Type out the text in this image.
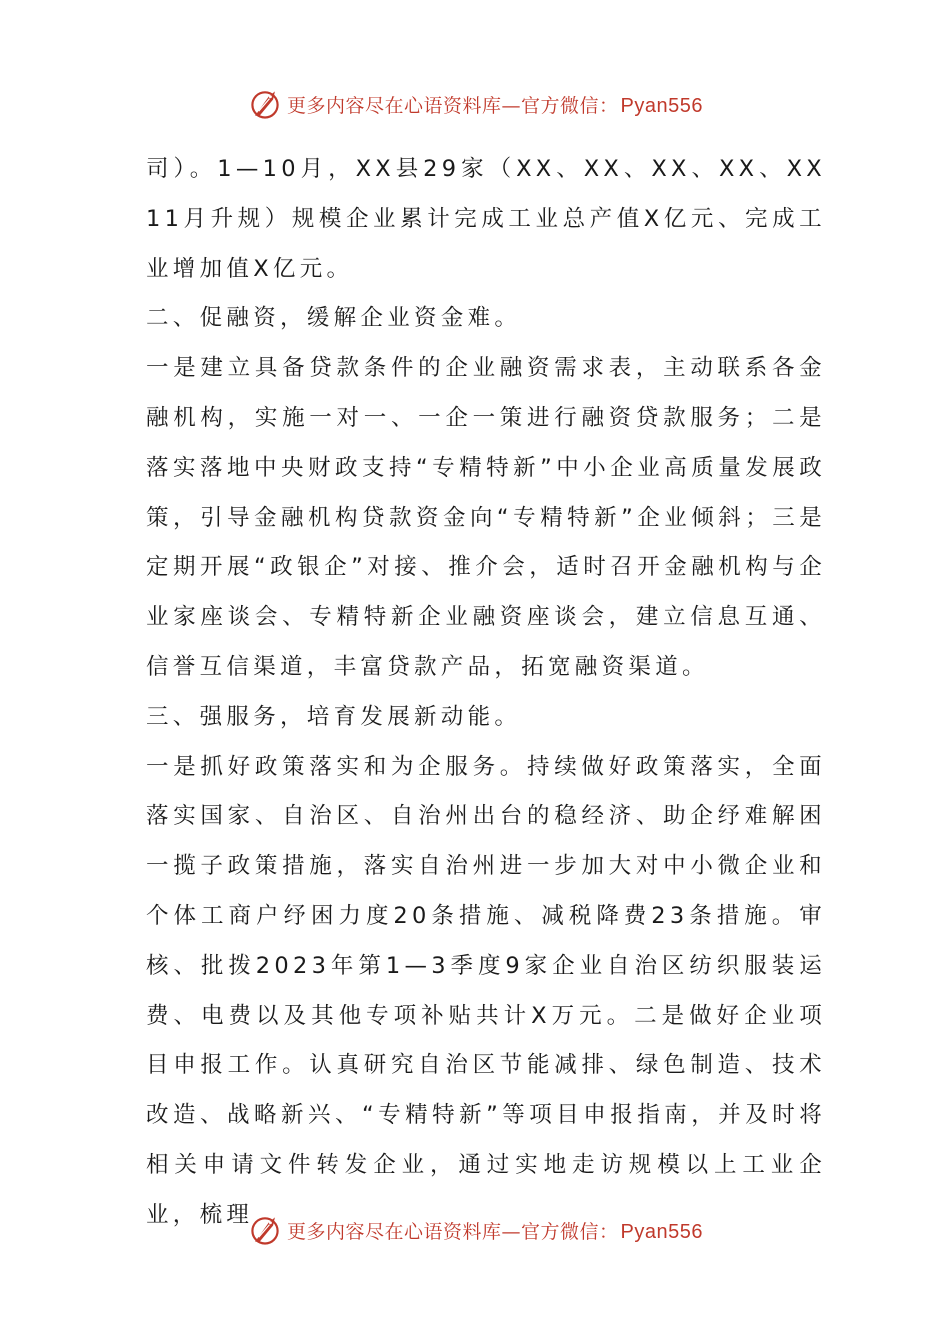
更多内容尽在心语资料库—官方微信： Pyan556

司）。1—10月，XX县29家（XX、XX、XX、XX、XX11月升规）规模企业累计完成工业总产值X亿元、完成工业增加值X亿元。

二、促融资，缓解企业资金难。

一是建立具备贷款条件的企业融资需求表，主动联系各金融机构，实施一对一、一企一策进行融资贷款服务；二是落实落地中央财政支持“专精特新”中小企业高质量发展政策，引导金融机构贷款资金向“专精特新”企业倾斜；三是定期开展“政银企”对接、推介会，适时召开金融机构与企业家座谈会、专精特新企业融资座谈会，建立信息互通、信誉互信渠道，丰富贷款产品，拓宽融资渠道。

三、强服务，培育发展新动能。

一是抓好政策落实和为企服务。持续做好政策落实，全面落实国家、自治区、自治州出台的稳经济、助企纾难解困一揽子政策措施，落实自治州进一步加大对中小微企业和个体工商户纾困力度20条措施、减税降费23条措施。审核、批拨2023年第1—3季度9家企业自治区纺织服装运费、电费以及其他专项补贴共计X万元。二是做好企业项目申报工作。认真研究自治区节能减排、绿色制造、技术改造、战略新兴、“专精特新”等项目申报指南，并及时将相关申请文件转发企业，通过实地走访规模以上工业企业，梳理

更多内容尽在心语资料库—官方微信： Pyan556
